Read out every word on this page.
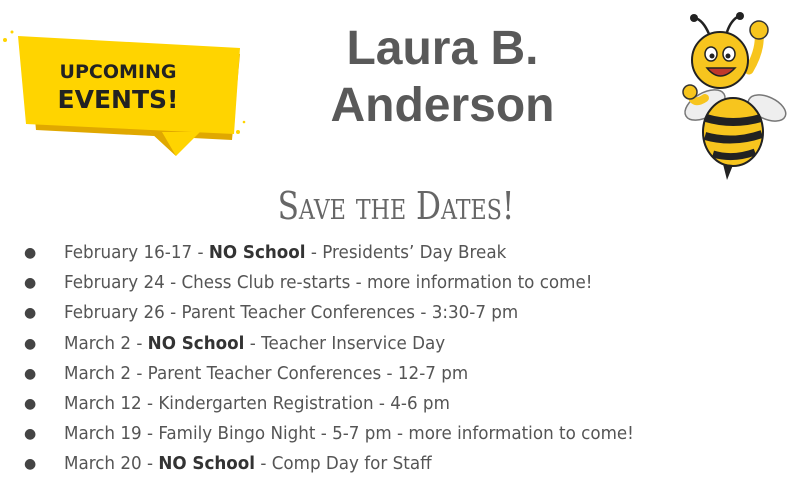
UPCOMING
EVENTS!
Laura B.
Anderson
Save the Dates!
● February 16-17 - NO School - Presidents’ Day Break
● February 24 - Chess Club re-starts - more information to come!
● February 26 - Parent Teacher Conferences - 3:30-7 pm
● March 2 - NO School - Teacher Inservice Day
● March 2 - Parent Teacher Conferences - 12-7 pm
● March 12 - Kindergarten Registration - 4-6 pm
● March 19 - Family Bingo Night - 5-7 pm - more information to come!
● March 20 - NO School - Comp Day for Staff
